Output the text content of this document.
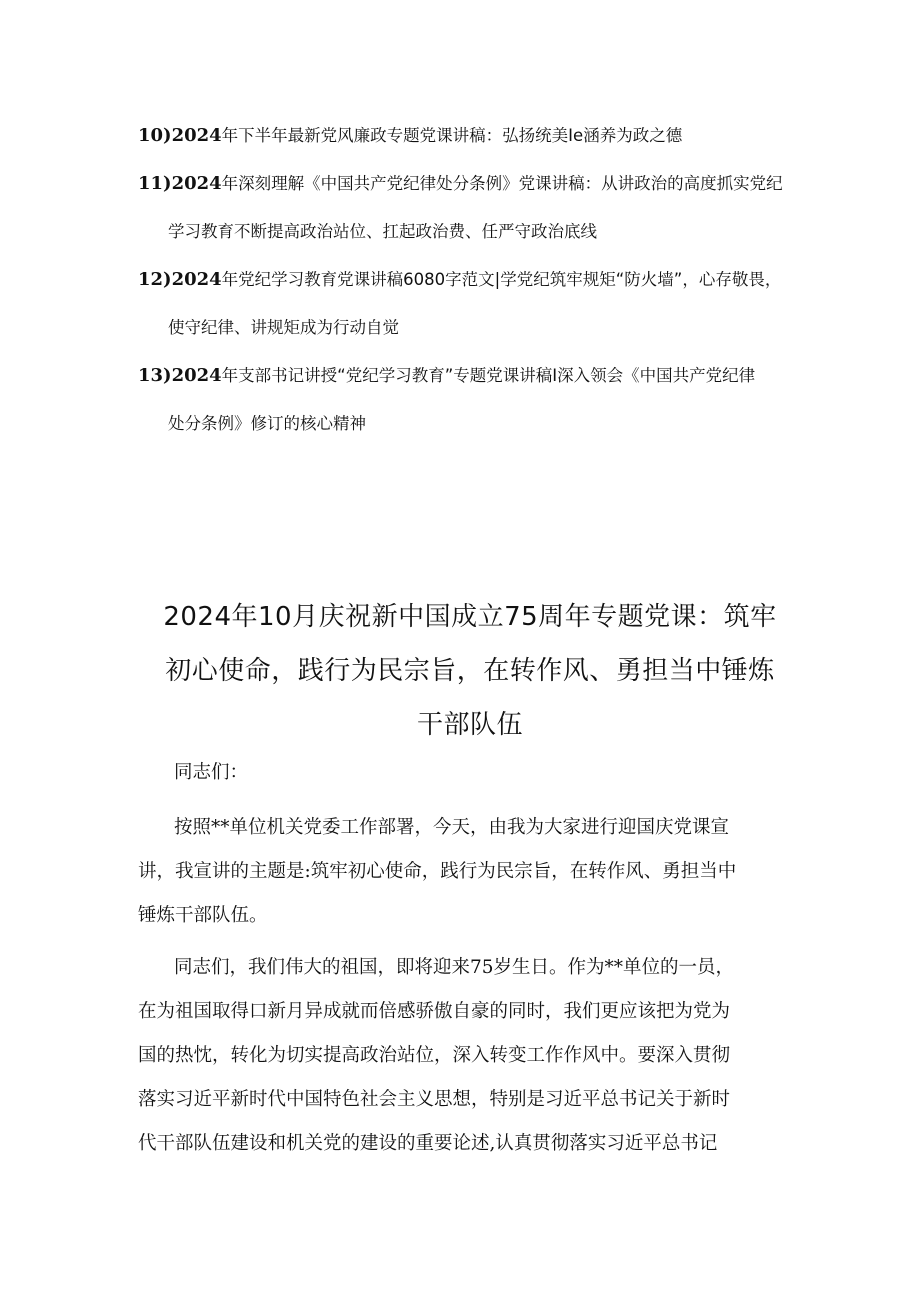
10)2024年下半年最新党风廉政专题党课讲稿：弘扬统美Ie涵养为政之德
11)2024年深刻理解《中国共产党纪律处分条例》党课讲稿：从讲政治的高度抓实党纪
学习教育不断提高政治站位、扛起政治费、任严守政治底线
12)2024年党纪学习教育党课讲稿6080字范文|学党纪筑牢规矩“防火墙”，心存敬畏，
使守纪律、讲规矩成为行动自觉
13)2024年支部书记讲授“党纪学习教育”专题党课讲稿I深入领会《中国共产党纪律
处分条例》修订的核心精神
2024年10月庆祝新中国成立75周年专题党课：筑牢
初心使命，践行为民宗旨，在转作风、勇担当中锤炼
干部队伍
同志们：
按照**单位机关党委工作部署，今天，由我为大家进行迎国庆党课宣
讲，我宣讲的主题是:筑牢初心使命，践行为民宗旨，在转作风、勇担当中
锤炼干部队伍。
同志们，我们伟大的祖国，即将迎来75岁生日。作为**单位的一员，
在为祖国取得口新月异成就而倍感骄傲自豪的同时，我们更应该把为党为
国的热忱，转化为切实提高政治站位，深入转变工作作风中。要深入贯彻
落实习近平新时代中国特色社会主义思想，特别是习近平总书记关于新时
代干部队伍建设和机关党的建设的重要论述,认真贯彻落实习近平总书记
